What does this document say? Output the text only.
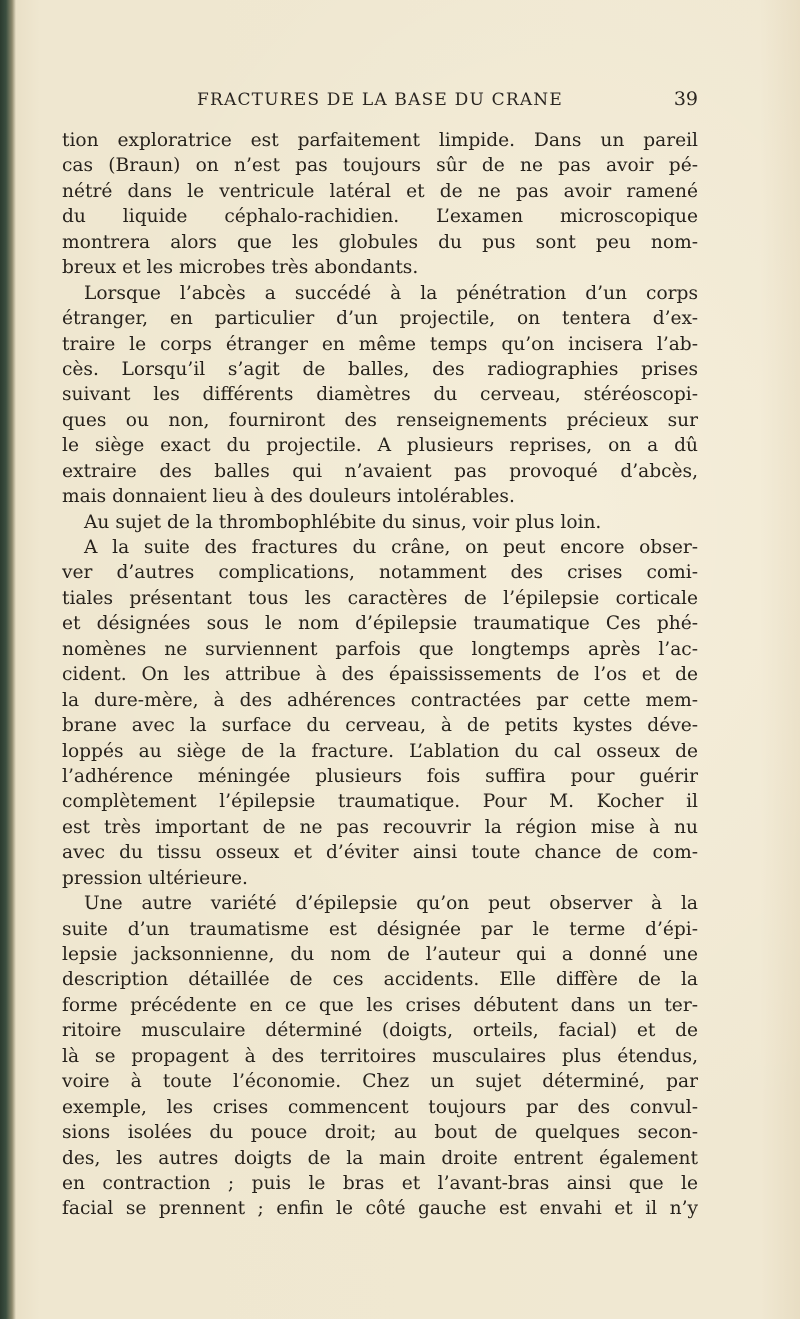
FRACTURES DE LA BASE DU CRANE	39
tion exploratrice est parfaitement limpide. Dans un pareil
cas (Braun) on n’est pas toujours sûr de ne pas avoir pé-
nétré dans le ventricule latéral et de ne pas avoir ramené
du liquide céphalo-rachidien. L’examen microscopique
montrera alors que les globules du pus sont peu nom-
breux et les microbes très abondants.
Lorsque l’abcès a succédé à la pénétration d’un corps
étranger, en particulier d’un projectile, on tentera d’ex-
traire le corps étranger en même temps qu’on incisera l’ab-
cès. Lorsqu’il s’agit de balles, des radiographies prises
suivant les différents diamètres du cerveau, stéréoscopi-
ques ou non, fourniront des renseignements précieux sur
le siège exact du projectile. A plusieurs reprises, on a dû
extraire des balles qui n’avaient pas provoqué d’abcès,
mais donnaient lieu à des douleurs intolérables.
Au sujet de la thrombophlébite du sinus, voir plus loin.
A la suite des fractures du crâne, on peut encore obser-
ver d’autres complications, notamment des crises comi-
tiales présentant tous les caractères de l’épilepsie corticale
et désignées sous le nom d’épilepsie traumatique Ces phé-
nomènes ne surviennent parfois que longtemps après l’ac-
cident. On les attribue à des épaississements de l’os et de
la dure-mère, à des adhérences contractées par cette mem-
brane avec la surface du cerveau, à de petits kystes déve-
loppés au siège de la fracture. L’ablation du cal osseux de
l’adhérence méningée plusieurs fois suffira pour guérir
complètement l’épilepsie traumatique. Pour M. Kocher il
est très important de ne pas recouvrir la région mise à nu
avec du tissu osseux et d’éviter ainsi toute chance de com-
pression ultérieure.
Une autre variété d’épilepsie qu’on peut observer à la
suite d’un traumatisme est désignée par le terme d’épi-
lepsie jacksonnienne, du nom de l’auteur qui a donné une
description détaillée de ces accidents. Elle diffère de la
forme précédente en ce que les crises débutent dans un ter-
ritoire musculaire déterminé (doigts, orteils, facial) et de
là se propagent à des territoires musculaires plus étendus,
voire à toute l’économie. Chez un sujet déterminé, par
exemple, les crises commencent toujours par des convul-
sions isolées du pouce droit; au bout de quelques secon-
des, les autres doigts de la main droite entrent également
en contraction ; puis le bras et l’avant-bras ainsi que le
facial se prennent ; enfin le côté gauche est envahi et il n’y
